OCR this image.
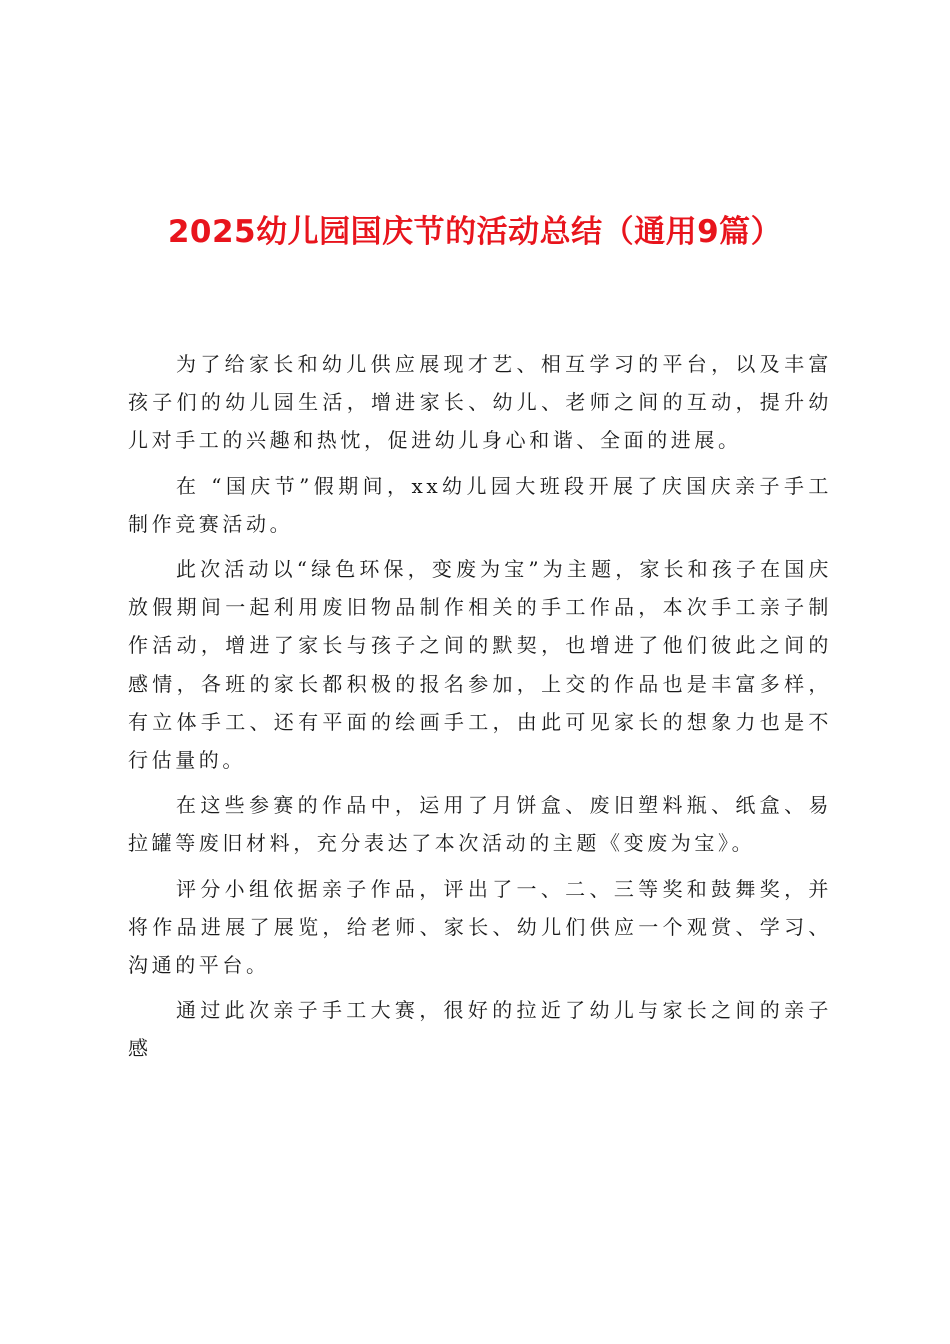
2025幼儿园国庆节的活动总结（通用9篇）

为了给家长和幼儿供应展现才艺、相互学习的平台，以及丰富孩子们的幼儿园生活，增进家长、幼儿、老师之间的互动，提升幼儿对手工的兴趣和热忱，促进幼儿身心和谐、全面的进展。

在 “国庆节”假期间，xx幼儿园大班段开展了庆国庆亲子手工制作竞赛活动。

此次活动以“绿色环保，变废为宝”为主题，家长和孩子在国庆放假期间一起利用废旧物品制作相关的手工作品，本次手工亲子制作活动，增进了家长与孩子之间的默契，也增进了他们彼此之间的感情，各班的家长都积极的报名参加，上交的作品也是丰富多样，有立体手工、还有平面的绘画手工，由此可见家长的想象力也是不行估量的。

在这些参赛的作品中，运用了月饼盒、废旧塑料瓶、纸盒、易拉罐等废旧材料，充分表达了本次活动的主题《变废为宝》。

评分小组依据亲子作品，评出了一、二、三等奖和鼓舞奖，并将作品进展了展览，给老师、家长、幼儿们供应一个观赏、学习、沟通的平台。

通过此次亲子手工大赛，很好的拉近了幼儿与家长之间的亲子感
